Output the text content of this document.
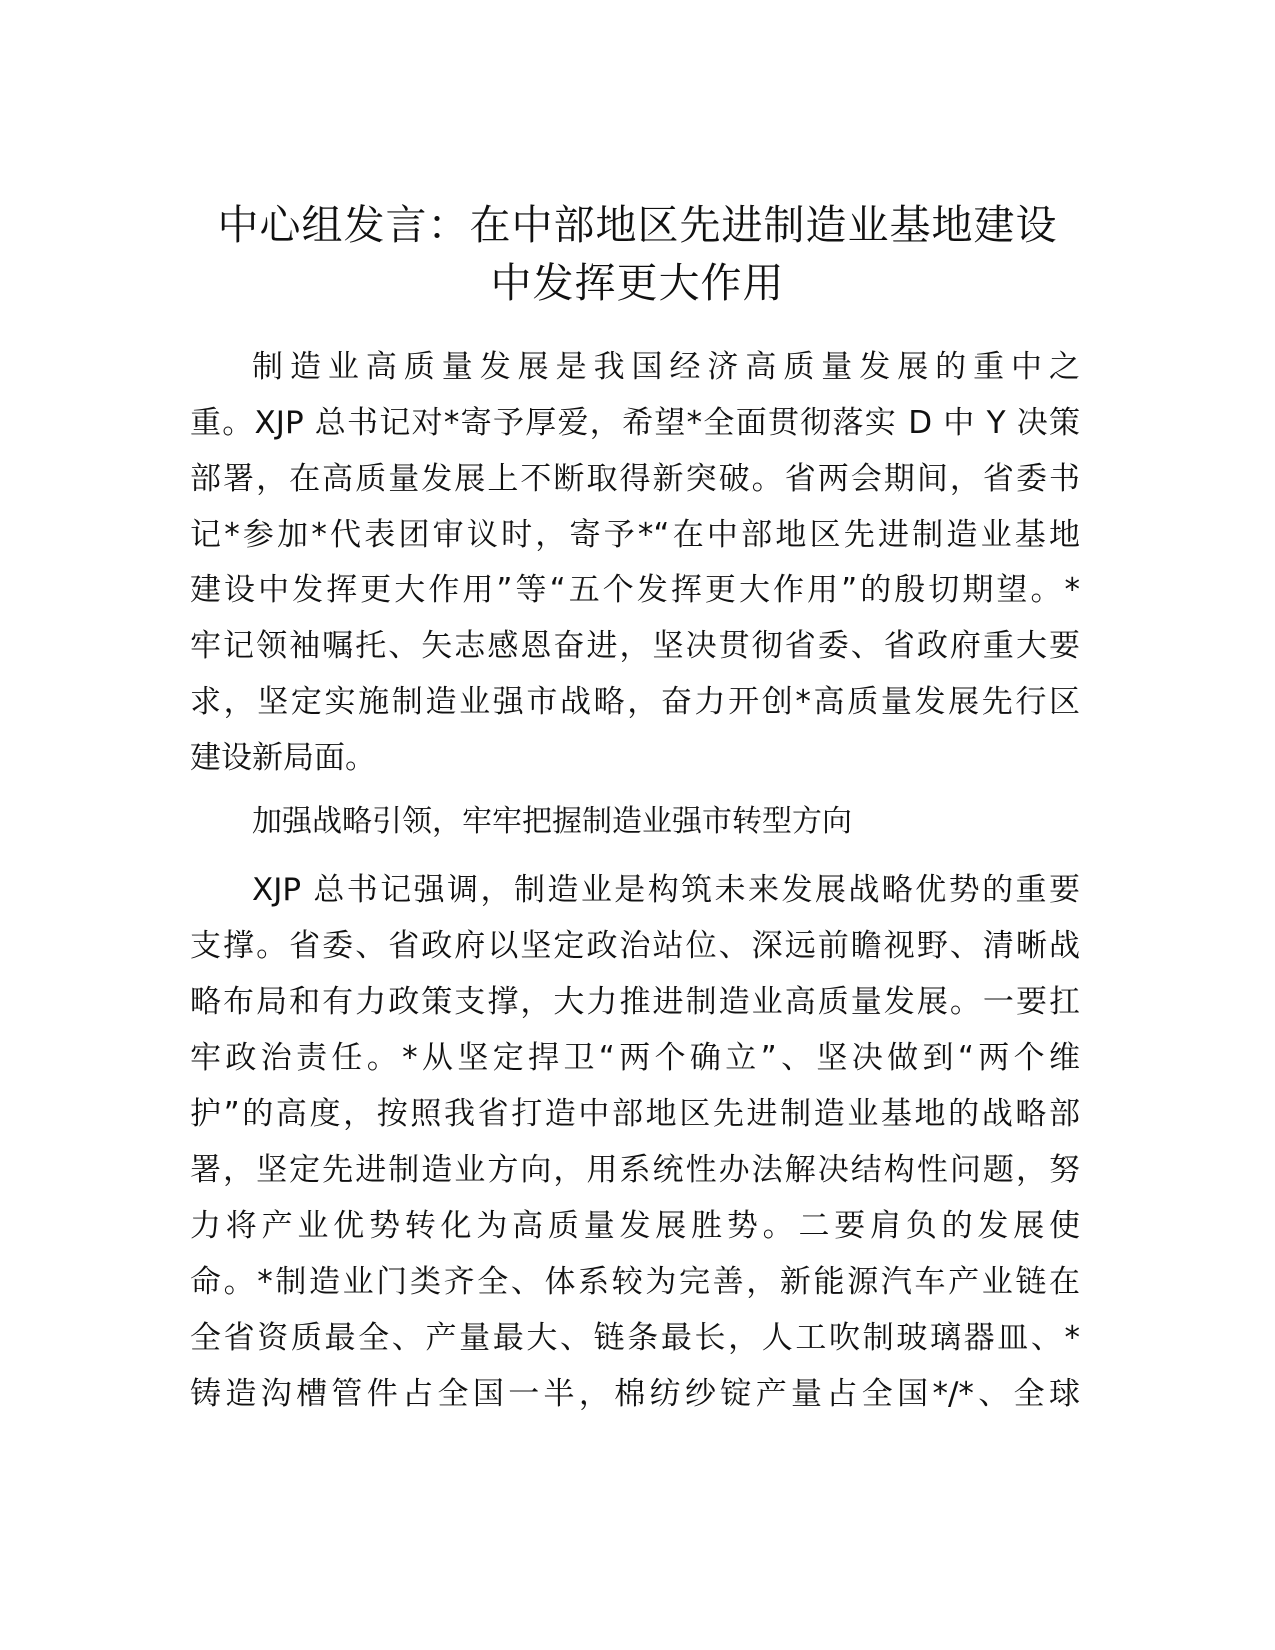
中心组发言：在中部地区先进制造业基地建设
中发挥更大作用
制造业高质量发展是我国经济高质量发展的重中之
重。XJP 总书记对*寄予厚爱，希望*全面贯彻落实 D 中 Y 决策
部署，在高质量发展上不断取得新突破。省两会期间，省委书
记*参加*代表团审议时，寄予*“在中部地区先进制造业基地
建设中发挥更大作用”等“五个发挥更大作用”的殷切期望。*
牢记领袖嘱托、矢志感恩奋进，坚决贯彻省委、省政府重大要
求，坚定实施制造业强市战略，奋力开创*高质量发展先行区
建设新局面。
加强战略引领，牢牢把握制造业强市转型方向
XJP 总书记强调，制造业是构筑未来发展战略优势的重要
支撑。省委、省政府以坚定政治站位、深远前瞻视野、清晰战
略布局和有力政策支撑，大力推进制造业高质量发展。一要扛
牢政治责任。*从坚定捍卫“两个确立”、坚决做到“两个维
护”的高度，按照我省打造中部地区先进制造业基地的战略部
署，坚定先进制造业方向，用系统性办法解决结构性问题，努
力将产业优势转化为高质量发展胜势。二要肩负的发展使
命。*制造业门类齐全、体系较为完善，新能源汽车产业链在
全省资质最全、产量最大、链条最长，人工吹制玻璃器皿、*
铸造沟槽管件占全国一半，棉纺纱锭产量占全国*/*、全球
